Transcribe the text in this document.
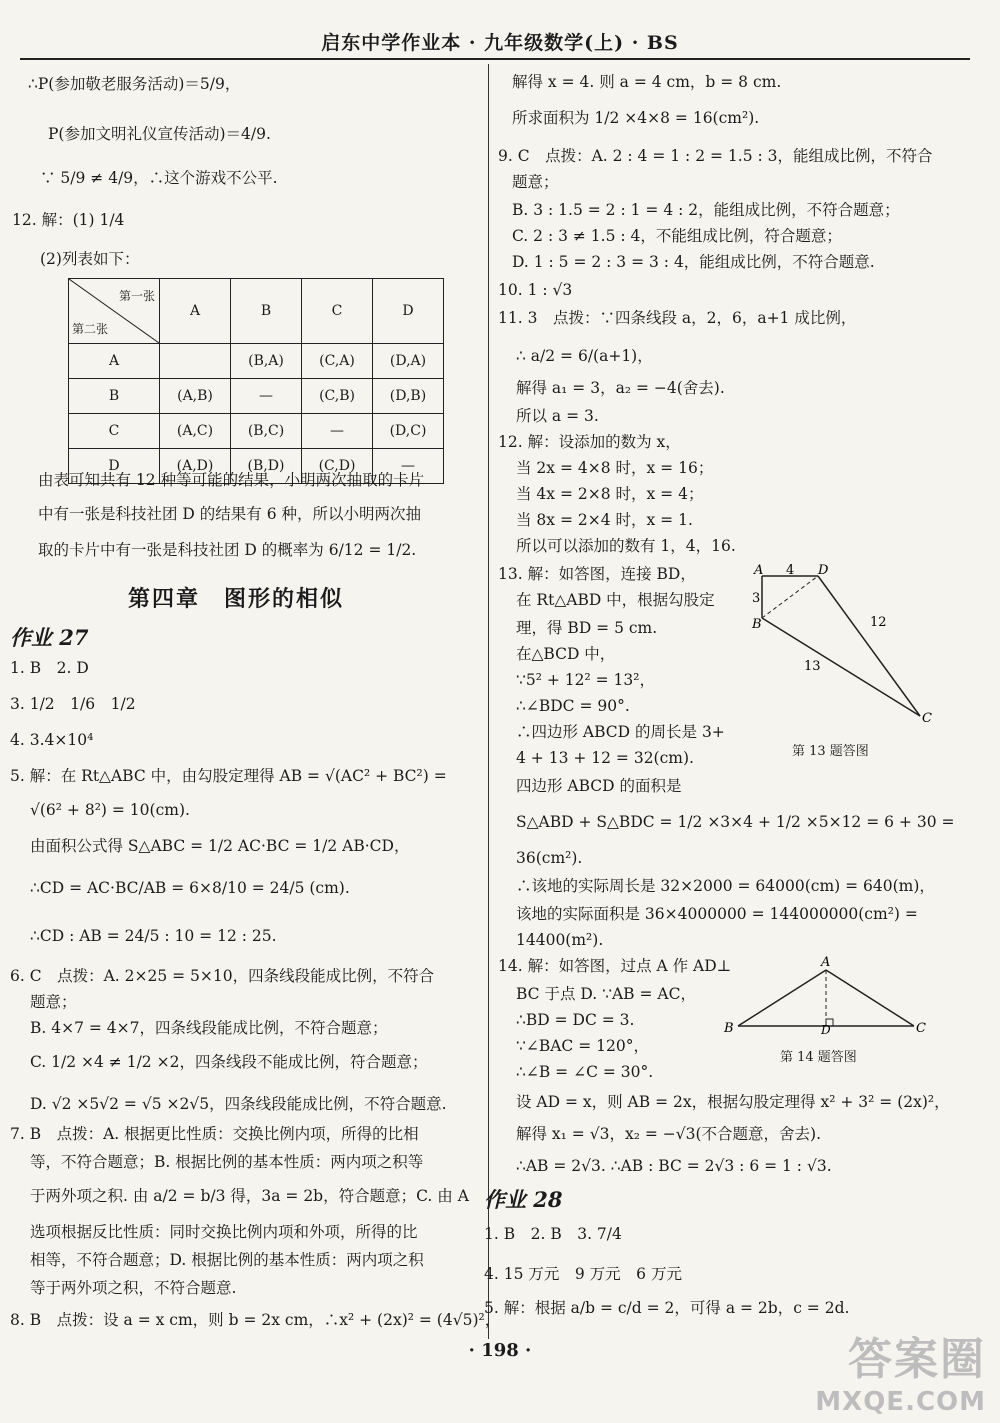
启东中学作业本 · 九年级数学(上) · BS
∴P(参加敬老服务活动)＝5/9，
P(参加文明礼仪宣传活动)＝4/9.
∵ 5/9 ≠ 4/9，∴这个游戏不公平.
12. 解：(1) 1/4
(2)列表如下：
第一张
第二张	A	B	C	D
A		(B,A)	(C,A)	(D,A)
B	(A,B)	—	(C,B)	(D,B)
C	(A,C)	(B,C)	—	(D,C)
D	(A,D)	(B,D)	(C,D)	—
由表可知共有 12 种等可能的结果，小明两次抽取的卡片
中有一张是科技社团 D 的结果有 6 种，所以小明两次抽
取的卡片中有一张是科技社团 D 的概率为 6/12 = 1/2.
第四章　图形的相似
作业 27
1. B　2. D
3. 1/2　1/6　1/2
4. 3.4×10⁴
5. 解：在 Rt△ABC 中，由勾股定理得 AB = √(AC² + BC²) =
√(6² + 8²) = 10(cm).
由面积公式得 S△ABC = 1/2 AC·BC = 1/2 AB·CD，
∴CD = AC·BC/AB = 6×8/10 = 24/5 (cm).
∴CD : AB = 24/5 : 10 = 12 : 25.
6. C　点拨：A. 2×25 = 5×10，四条线段能成比例，不符合
题意；
B. 4×7 = 4×7，四条线段能成比例，不符合题意；
C. 1/2 ×4 ≠ 1/2 ×2，四条线段不能成比例，符合题意；
D. √2 ×5√2 = √5 ×2√5，四条线段能成比例，不符合题意.
7. B　点拨：A. 根据更比性质：交换比例内项，所得的比相
等，不符合题意；B. 根据比例的基本性质：两内项之积等
于两外项之积. 由 a/2 = b/3 得，3a = 2b，符合题意；C. 由 A
选项根据反比性质：同时交换比例内项和外项，所得的比
相等，不符合题意；D. 根据比例的基本性质：两内项之积
等于两外项之积，不符合题意.
8. B　点拨：设 a = x cm，则 b = 2x cm，∴x² + (2x)² = (4√5)²，
解得 x = 4. 则 a = 4 cm，b = 8 cm.
所求面积为 1/2 ×4×8 = 16(cm²).
9. C　点拨：A. 2 : 4 = 1 : 2 = 1.5 : 3，能组成比例，不符合
题意；
B. 3 : 1.5 = 2 : 1 = 4 : 2，能组成比例，不符合题意；
C. 2 : 3 ≠ 1.5 : 4，不能组成比例，符合题意；
D. 1 : 5 = 2 : 3 = 3 : 4，能组成比例，不符合题意.
10. 1 : √3
11. 3　点拨：∵四条线段 a，2，6，a+1 成比例，
∴ a/2 = 6/(a+1)，
解得 a₁ = 3，a₂ = −4(舍去).
所以 a = 3.
12. 解：设添加的数为 x，
当 2x = 4×8 时，x = 16；
当 4x = 2×8 时，x = 4；
当 8x = 2×4 时，x = 1.
所以可以添加的数有 1，4，16.
13. 解：如答图，连接 BD，
在 Rt△ABD 中，根据勾股定
理，得 BD = 5 cm.
在△BCD 中，
∵5² + 12² = 13²，
∴∠BDC = 90°.
∴四边形 ABCD 的周长是 3+
4 + 13 + 12 = 32(cm).
四边形 ABCD 的面积是
S△ABD + S△BDC = 1/2 ×3×4 + 1/2 ×5×12 = 6 + 30 =
36(cm²).
∴该地的实际周长是 32×2000 = 64000(cm) = 640(m)，
该地的实际面积是 36×4000000 = 144000000(cm²) =
14400(m²).
14. 解：如答图，过点 A 作 AD⊥
BC 于点 D. ∵AB = AC，
∴BD = DC = 3.
∵∠BAC = 120°，
∴∠B = ∠C = 30°.
设 AD = x，则 AB = 2x，根据勾股定理得 x² + 3² = (2x)²，
解得 x₁ = √3，x₂ = −√3(不合题意，舍去).
∴AB = 2√3. ∴AB : BC = 2√3 : 6 = 1 : √3.
作业 28
1. B　2. B　3. 7/4
4. 15 万元　9 万元　6 万元
5. 解：根据 a/b = c/d = 2，可得 a = 2b，c = 2d.
A	D
B
C
4
3
12
13
第 13 题答图
A
B	C
D
第 14 题答图
· 198 ·	答案圈
MXQE.COM
